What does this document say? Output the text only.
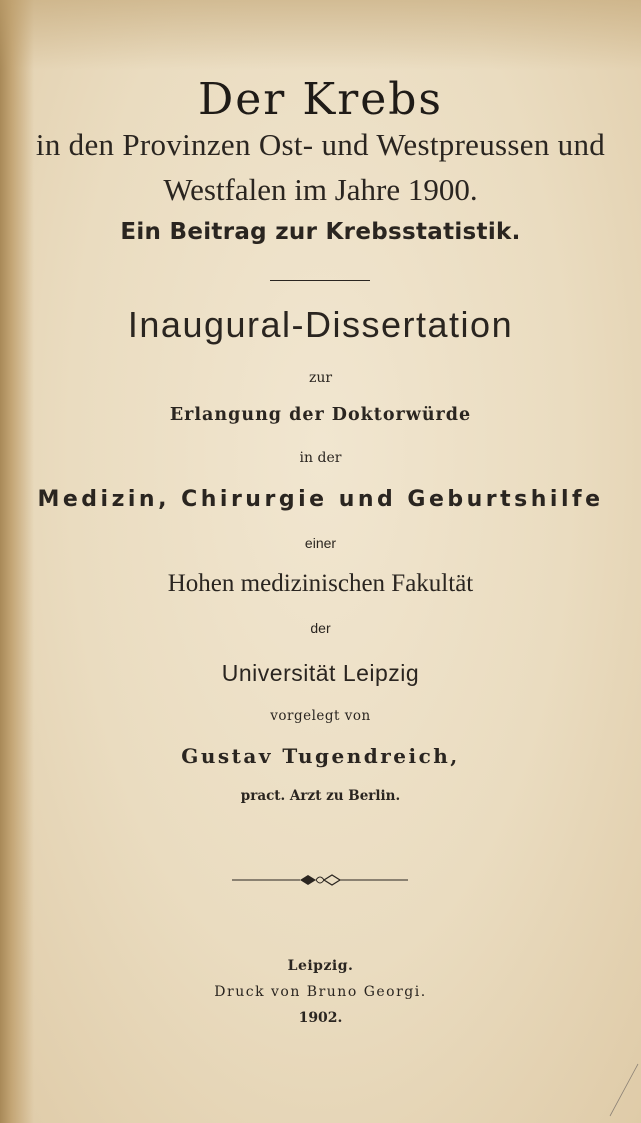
Der Krebs

in den Provinzen Ost- und Westpreussen und

Westfalen im Jahre 1900.

Ein Beitrag zur Krebsstatistik.

Inaugural-Dissertation

zur

Erlangung der Doktorwürde

in der

Medizin, Chirurgie und Geburtshilfe

einer

Hohen medizinischen Fakultät

der

Universität Leipzig

vorgelegt von

Gustav Tugendreich,

pract. Arzt zu Berlin.

Leipzig.

Druck von Bruno Georgi.

1902.
